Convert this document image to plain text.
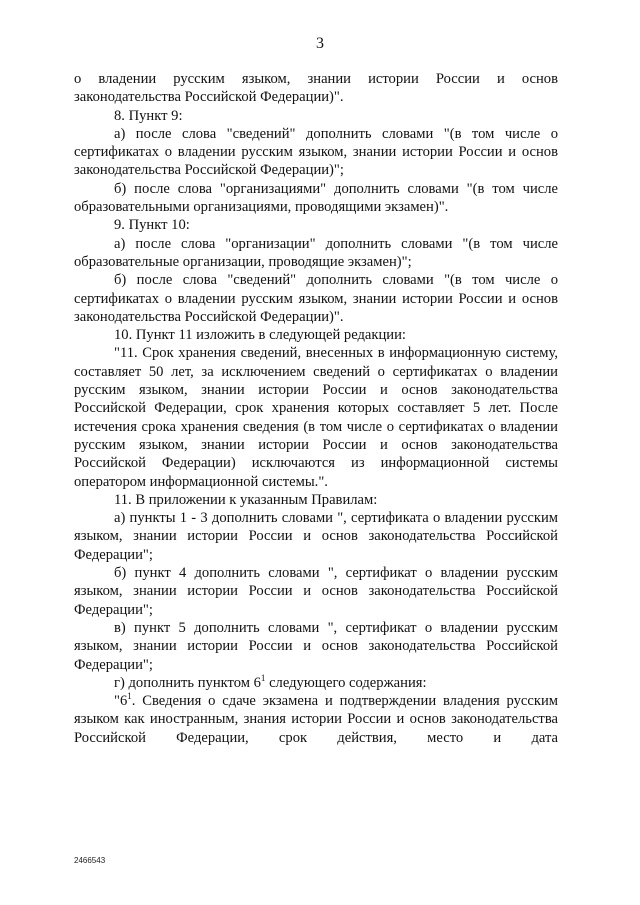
3

о владении русским языком, знании истории России и основ законодательства Российской Федерации)".

8. Пункт 9:

а) после слова "сведений" дополнить словами "(в том числе о сертификатах о владении русским языком, знании истории России и основ законодательства Российской Федерации)";

б) после слова "организациями" дополнить словами "(в том числе образовательными организациями, проводящими экзамен)".

9. Пункт 10:

а) после слова "организации" дополнить словами "(в том числе образовательные организации, проводящие экзамен)";

б) после слова "сведений" дополнить словами "(в том числе о сертификатах о владении русским языком, знании истории России и основ законодательства Российской Федерации)".

10. Пункт 11 изложить в следующей редакции:

"11. Срок хранения сведений, внесенных в информационную систему, составляет 50 лет, за исключением сведений о сертификатах о владении русским языком, знании истории России и основ законодательства Российской Федерации, срок хранения которых составляет 5 лет. После истечения срока хранения сведения (в том числе о сертификатах о владении русским языком, знании истории России и основ законодательства Российской Федерации) исключаются из информационной системы оператором информационной системы.".

11. В приложении к указанным Правилам:

а) пункты 1 - 3 дополнить словами ", сертификата о владении русским языком, знании истории России и основ законодательства Российской Федерации";

б) пункт 4 дополнить словами ", сертификат о владении русским языком, знании истории России и основ законодательства Российской Федерации";

в) пункт 5 дополнить словами ", сертификат о владении русским языком, знании истории России и основ законодательства Российской Федерации";

г) дополнить пунктом $6^1$ следующего содержания:

"$6^1$. Сведения о сдаче экзамена и подтверждении владения русским языком как иностранным, знания истории России и основ законодательства Российской Федерации, срок действия, место и дата

2466543
